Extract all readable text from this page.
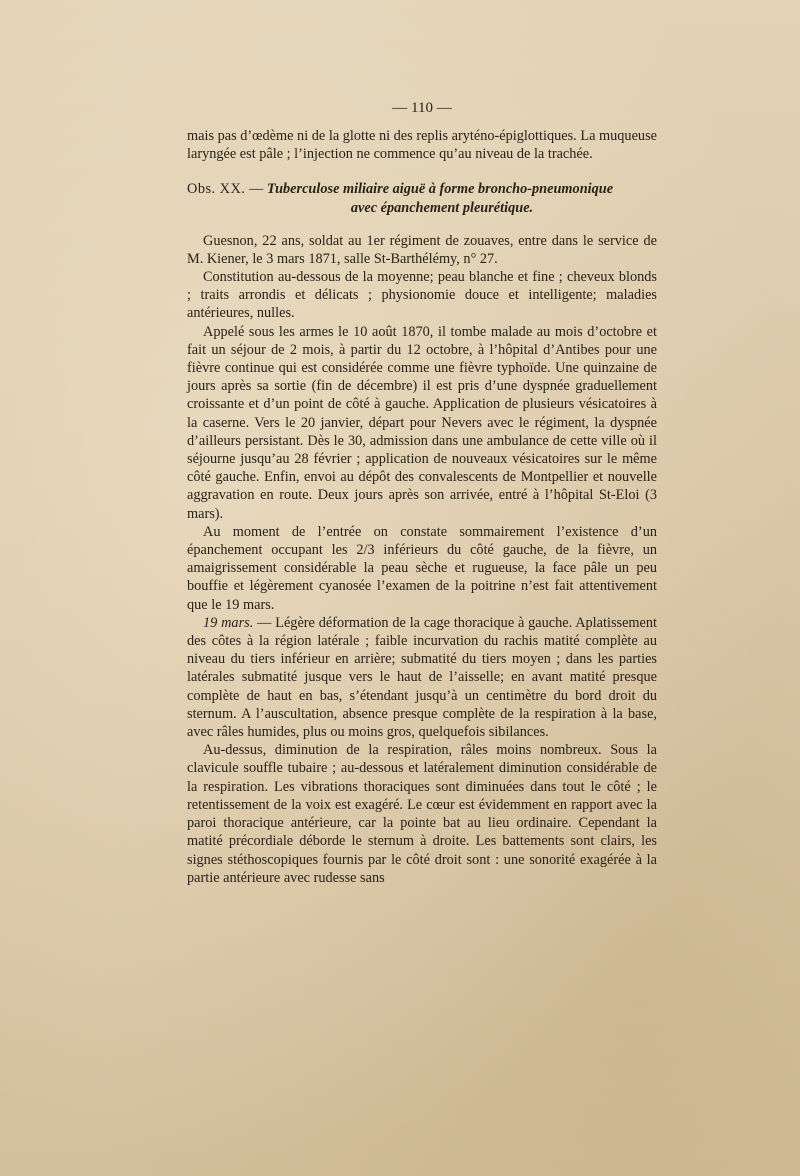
— 110 —

mais pas d’œdème ni de la glotte ni des replis aryténo-épiglottiques. La muqueuse laryngée est pâle ; l’injection ne commence qu’au niveau de la trachée.

Obs. XX. — Tuberculose miliaire aiguë à forme broncho-pneumonique
avec épanchement pleurétique.

Guesnon, 22 ans, soldat au 1er régiment de zouaves, entre dans le service de M. Kiener, le 3 mars 1871, salle St-Barthélémy, n° 27.

Constitution au-dessous de la moyenne; peau blanche et fine ; cheveux blonds ; traits arrondis et délicats ; physionomie douce et intelligente; maladies antérieures, nulles.

Appelé sous les armes le 10 août 1870, il tombe malade au mois d’octobre et fait un séjour de 2 mois, à partir du 12 octobre, à l’hôpital d’Antibes pour une fièvre continue qui est considérée comme une fièvre typhoïde. Une quinzaine de jours après sa sortie (fin de décembre) il est pris d’une dyspnée graduellement croissante et d’un point de côté à gauche. Application de plusieurs vésicatoires à la caserne. Vers le 20 janvier, départ pour Nevers avec le régiment, la dyspnée d’ailleurs persistant. Dès le 30, admission dans une ambulance de cette ville où il séjourne jusqu’au 28 février ; application de nouveaux vésicatoires sur le même côté gauche. Enfin, envoi au dépôt des convalescents de Montpellier et nouvelle aggravation en route. Deux jours après son arrivée, entré à l’hôpital St-Eloi (3 mars).

Au moment de l’entrée on constate sommairement l’existence d’un épanchement occupant les 2/3 inférieurs du côté gauche, de la fièvre, un amaigrissement considérable la peau sèche et rugueuse, la face pâle un peu bouffie et légèrement cyanosée l’examen de la poitrine n’est fait attentivement que le 19 mars.

19 mars. — Légère déformation de la cage thoracique à gauche. Aplatissement des côtes à la région latérale ; faible incurvation du rachis matité complète au niveau du tiers inférieur en arrière; submatité du tiers moyen ; dans les parties latérales submatité jusque vers le haut de l’aisselle; en avant matité presque complète de haut en bas, s’étendant jusqu’à un centimètre du bord droit du sternum. A l’auscultation, absence presque complète de la respiration à la base, avec râles humides, plus ou moins gros, quelquefois sibilances.

Au-dessus, diminution de la respiration, râles moins nombreux. Sous la clavicule souffle tubaire ; au-dessous et latéralement diminution considérable de la respiration. Les vibrations thoraciques sont diminuées dans tout le côté ; le retentissement de la voix est exagéré. Le cœur est évidemment en rapport avec la paroi thoracique antérieure, car la pointe bat au lieu ordinaire. Cependant la matité précordiale déborde le sternum à droite. Les battements sont clairs, les signes stéthoscopiques fournis par le côté droit sont : une sonorité exagérée à la partie antérieure avec rudesse sans
